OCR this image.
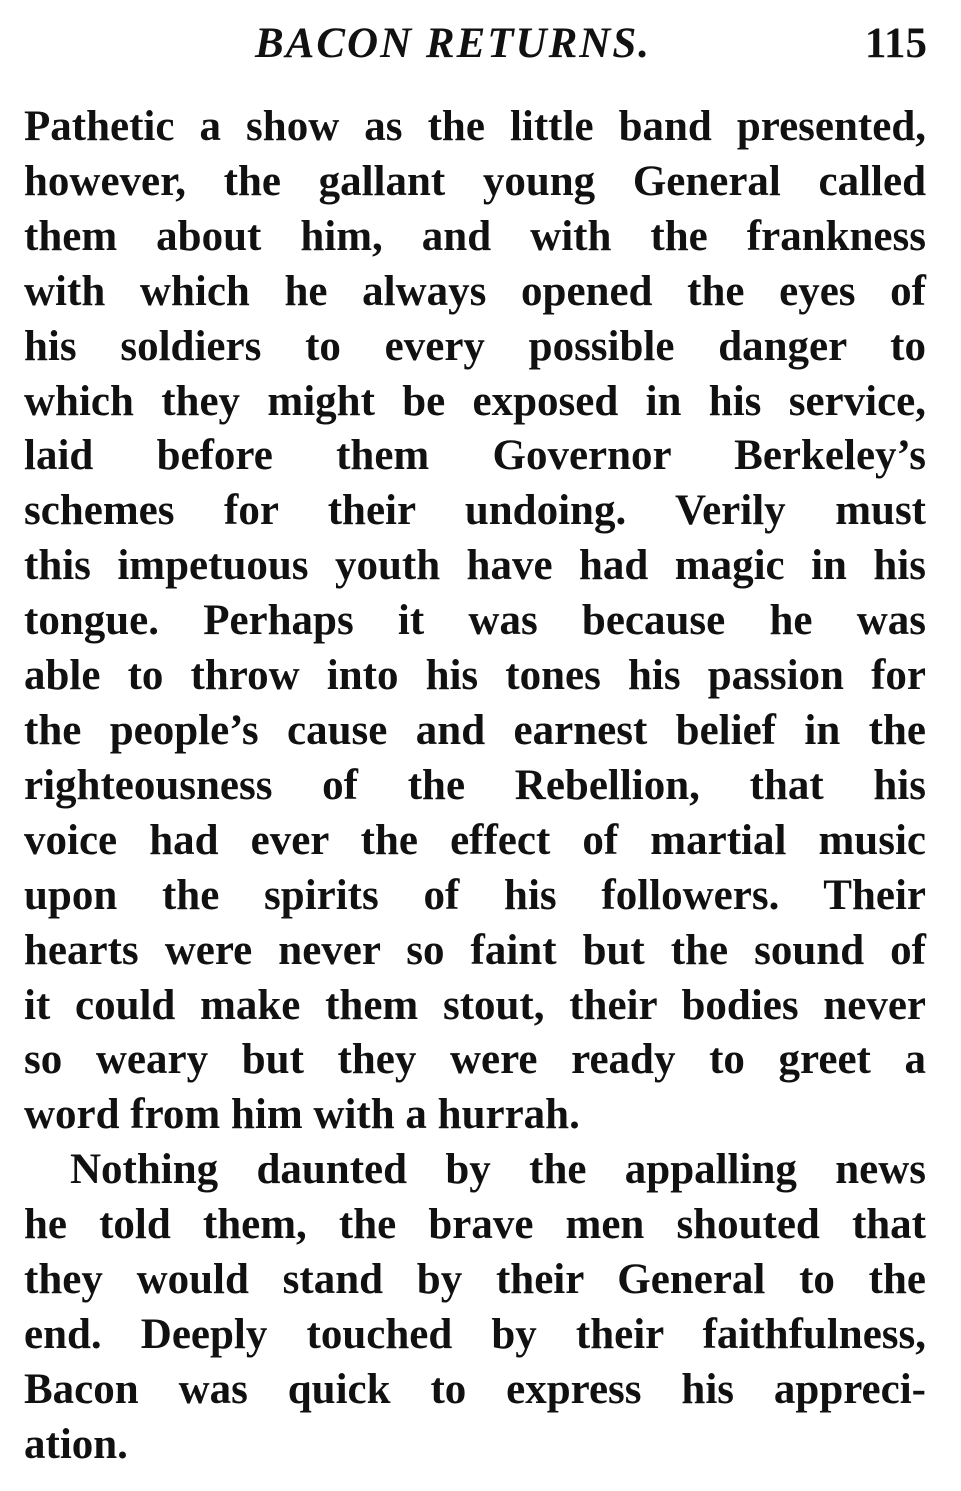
BACON RETURNS.	115
Pathetic a show as the little band presented,
however, the gallant young General called
them about him, and with the frankness
with which he always opened the eyes of
his soldiers to every possible danger to
which they might be exposed in his service,
laid before them Governor Berkeley’s
schemes for their undoing. Verily must
this impetuous youth have had magic in his
tongue. Perhaps it was because he was
able to throw into his tones his passion for
the people’s cause and earnest belief in the
righteousness of the Rebellion, that his
voice had ever the effect of martial music
upon the spirits of his followers. Their
hearts were never so faint but the sound of
it could make them stout, their bodies never
so weary but they were ready to greet a
word from him with a hurrah.
Nothing daunted by the appalling news
he told them, the brave men shouted that
they would stand by their General to the
end. Deeply touched by their faithfulness,
Bacon was quick to express his appreci-
ation.
